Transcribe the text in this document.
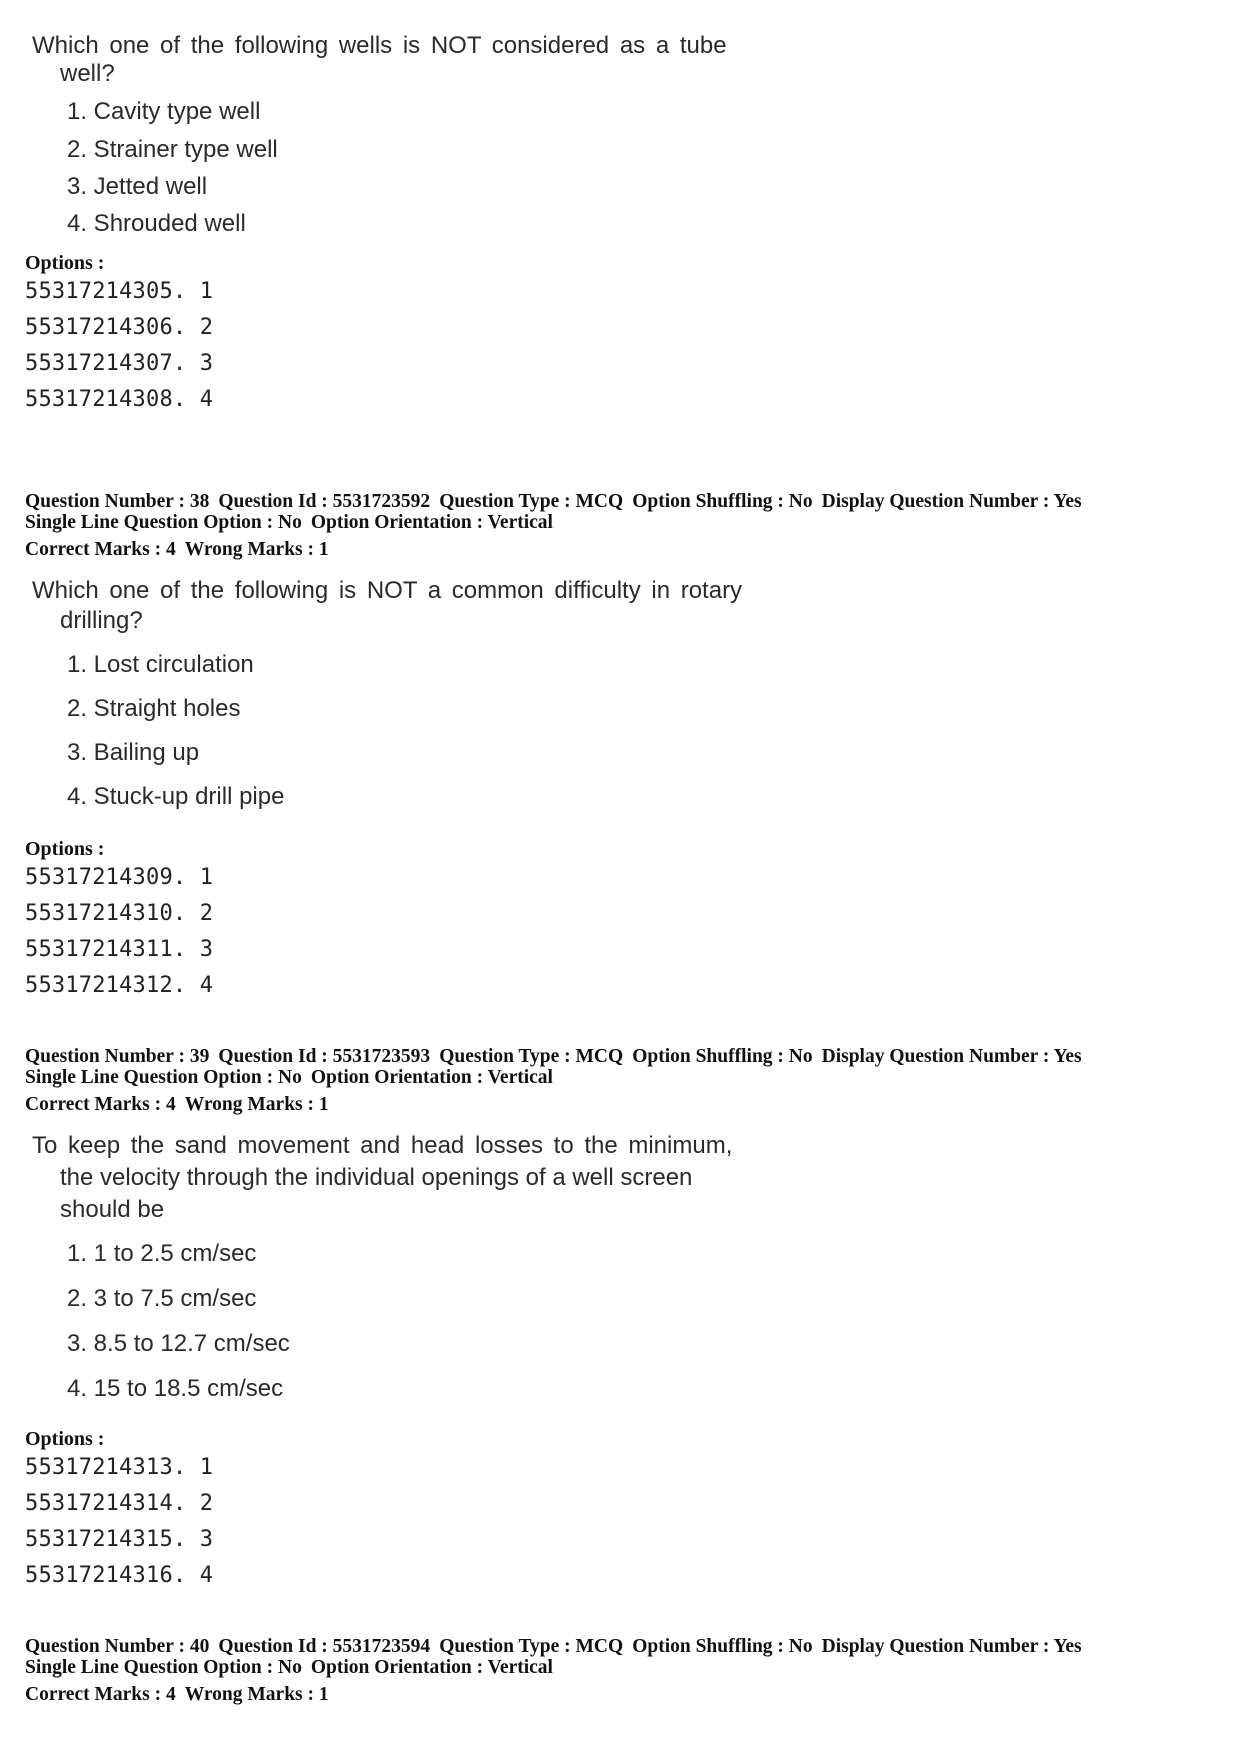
Which one of the following wells is NOT considered as a tube
well?
1. Cavity type well
2. Strainer type well
3. Jetted well
4. Shrouded well
Options :
55317214305. 1
55317214306. 2
55317214307. 3
55317214308. 4
Question Number : 38 Question Id : 5531723592 Question Type : MCQ Option Shuffling : No Display Question Number : Yes
Single Line Question Option : No Option Orientation : Vertical
Correct Marks : 4 Wrong Marks : 1
Which one of the following is NOT a common difficulty in rotary
drilling?
1. Lost circulation
2. Straight holes
3. Bailing up
4. Stuck-up drill pipe
Options :
55317214309. 1
55317214310. 2
55317214311. 3
55317214312. 4
Question Number : 39 Question Id : 5531723593 Question Type : MCQ Option Shuffling : No Display Question Number : Yes
Single Line Question Option : No Option Orientation : Vertical
Correct Marks : 4 Wrong Marks : 1
To keep the sand movement and head losses to the minimum,
the velocity through the individual openings of a well screen
should be
1. 1 to 2.5 cm/sec
2. 3 to 7.5 cm/sec
3. 8.5 to 12.7 cm/sec
4. 15 to 18.5 cm/sec
Options :
55317214313. 1
55317214314. 2
55317214315. 3
55317214316. 4
Question Number : 40 Question Id : 5531723594 Question Type : MCQ Option Shuffling : No Display Question Number : Yes
Single Line Question Option : No Option Orientation : Vertical
Correct Marks : 4 Wrong Marks : 1
